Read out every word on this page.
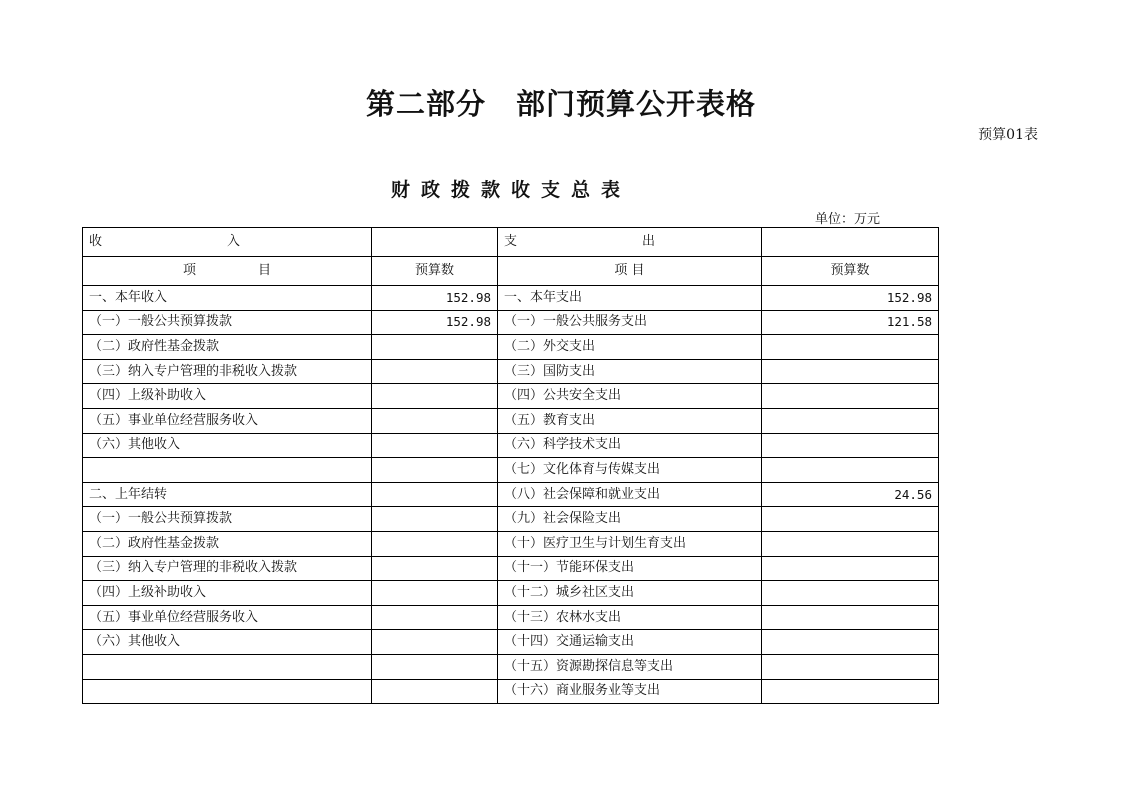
第二部分　部门预算公开表格
预算01表
财政拨款收支总表
单位：万元
收 入		支 出	
项 目	预算数	项 目	预算数
一、本年收入	152.98	一、本年支出	152.98
（一）一般公共预算拨款	152.98	（一）一般公共服务支出	121.58
（二）政府性基金拨款		（二）外交支出	
（三）纳入专户管理的非税收入拨款		（三）国防支出	
（四）上级补助收入		（四）公共安全支出	
（五）事业单位经营服务收入		（五）教育支出	
（六）其他收入		（六）科学技术支出	
		（七）文化体育与传媒支出	
二、上年结转		（八）社会保障和就业支出	24.56
（一）一般公共预算拨款		（九）社会保险支出	
（二）政府性基金拨款		（十）医疗卫生与计划生育支出	
（三）纳入专户管理的非税收入拨款		（十一）节能环保支出	
（四）上级补助收入		（十二）城乡社区支出	
（五）事业单位经营服务收入		（十三）农林水支出	
（六）其他收入		（十四）交通运输支出	
		（十五）资源勘探信息等支出	
		（十六）商业服务业等支出	
